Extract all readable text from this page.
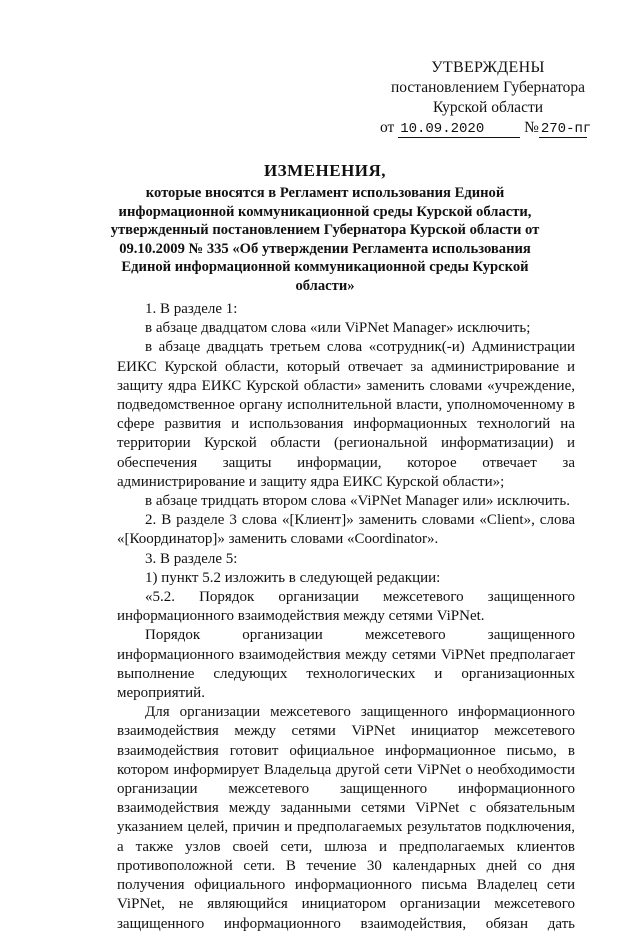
УТВЕРЖДЕНЫ
постановлением Губернатора
Курской области
от 10.09.2020	№ 270-пг
ИЗМЕНЕНИЯ,
которые вносятся в Регламент использования Единой информационной коммуникационной среды Курской области, утвержденный постановлением Губернатора Курской области от 09.10.2009 № 335 «Об утверждении Регламента использования Единой информационной коммуникационной среды Курской области»

1. В разделе 1:

в абзаце двадцатом слова «или ViPNet Manager» исключить;

в абзаце двадцать третьем слова «сотрудник(-и) Администрации ЕИКС Курской области, который отвечает за администрирование и защиту ядра ЕИКС Курской области» заменить словами «учреждение, подведомственное органу исполнительной власти, уполномоченному в сфере развития и использования информационных технологий на территории Курской области (региональной информатизации) и обеспечения защиты информации, которое отвечает за администрирование и защиту ядра ЕИКС Курской области»;

в абзаце тридцать втором слова «ViPNet Manager или» исключить.

2. В разделе 3 слова «[Клиент]» заменить словами «Client», слова «[Координатор]» заменить словами «Coordinator».

3. В разделе 5:

1) пункт 5.2 изложить в следующей редакции:

«5.2. Порядок организации межсетевого защищенного информационного взаимодействия между сетями ViPNet.

Порядок организации межсетевого защищенного информационного взаимодействия между сетями ViPNet предполагает выполнение следующих технологических и организационных мероприятий.

Для организации межсетевого защищенного информационного взаимодействия между сетями ViPNet инициатор межсетевого взаимодействия готовит официальное информационное письмо, в котором информирует Владельца другой сети ViPNet о необходимости организации межсетевого защищенного информационного взаимодействия между заданными сетями ViPNet с обязательным указанием целей, причин и предполагаемых результатов подключения, а также узлов своей сети, шлюза и предполагаемых клиентов противоположной сети. В течение 30 календарных дней со дня получения официального информационного письма Владелец сети ViPNet, не являющийся инициатором организации межсетевого защищенного информационного взаимодействия, обязан дать
